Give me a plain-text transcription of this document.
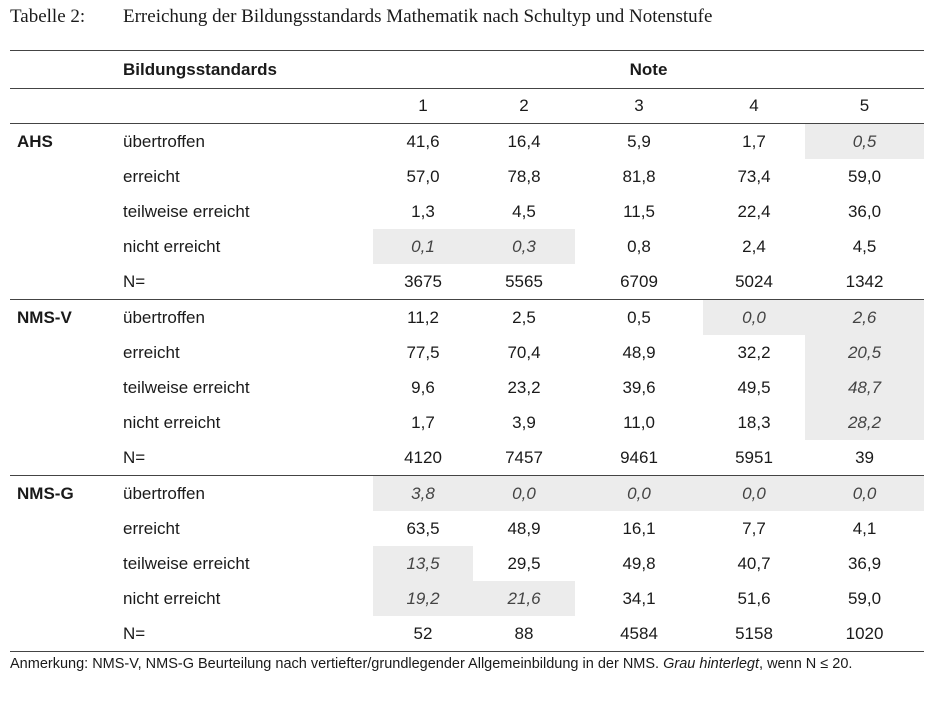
Tabelle 2: Erreichung der Bildungsstandards Mathematik nach Schultyp und Notenstufe
	Bildungsstandards	Note				
		1	2	3	4	5
AHS	übertroffen	41,6	16,4	5,9	1,7	0,5
	erreicht	57,0	78,8	81,8	73,4	59,0
	teilweise erreicht	1,3	4,5	11,5	22,4	36,0
	nicht erreicht	0,1	0,3	0,8	2,4	4,5
	N=	3675	5565	6709	5024	1342
NMS-V	übertroffen	11,2	2,5	0,5	0,0	2,6
	erreicht	77,5	70,4	48,9	32,2	20,5
	teilweise erreicht	9,6	23,2	39,6	49,5	48,7
	nicht erreicht	1,7	3,9	11,0	18,3	28,2
	N=	4120	7457	9461	5951	39
NMS-G	übertroffen	3,8	0,0	0,0	0,0	0,0
	erreicht	63,5	48,9	16,1	7,7	4,1
	teilweise erreicht	13,5	29,5	49,8	40,7	36,9
	nicht erreicht	19,2	21,6	34,1	51,6	59,0
	N=	52	88	4584	5158	1020
Anmerkung: NMS-V, NMS-G Beurteilung nach vertiefter/grundlegender Allgemeinbildung in der NMS. Grau hinterlegt, wenn N ≤ 20.
